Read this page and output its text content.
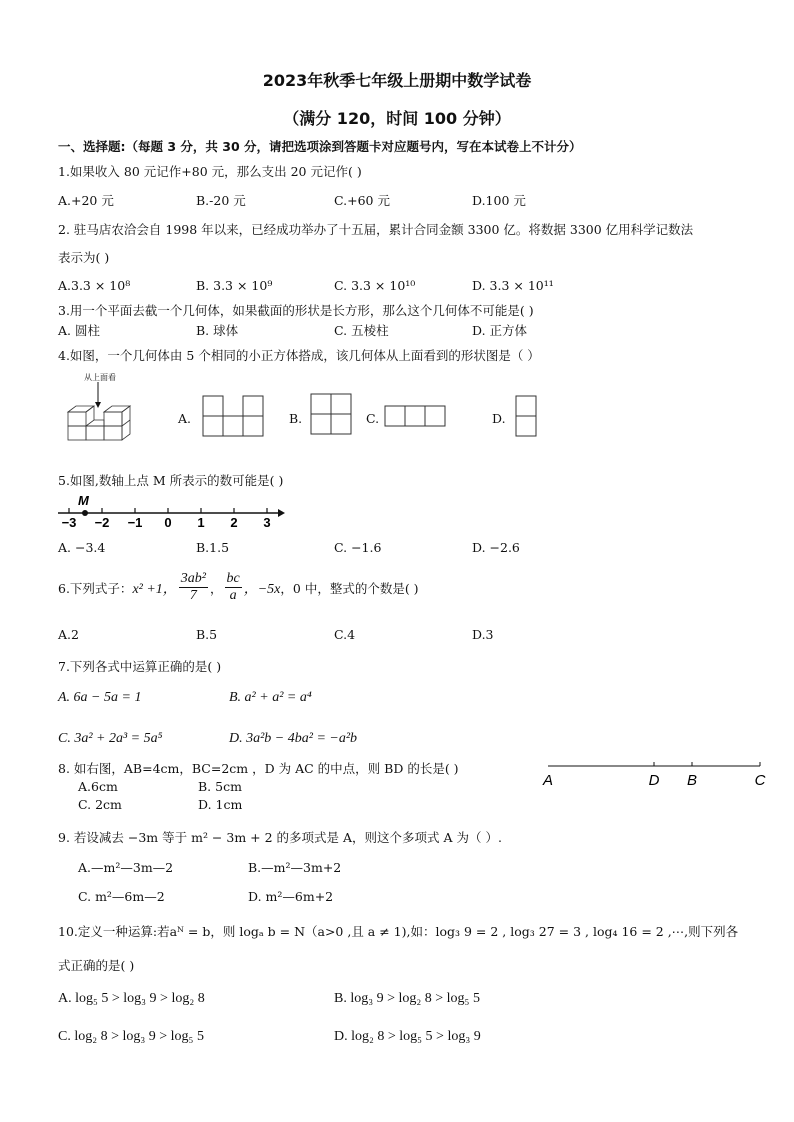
2023年秋季七年级上册期中数学试卷
（满分 120，时间 100 分钟）
一、选择题:（每题 3 分，共 30 分，请把选项涂到答题卡对应题号内，写在本试卷上不计分）
1.如果收入 80 元记作+80 元，那么支出 20 元记作( )
A.+20 元	B.-20 元	C.+60 元	D.100 元
2. 驻马店农洽会自 1998 年以来，已经成功举办了十五届，累计合同金额 3300 亿。将数据 3300 亿用科学记数法
表示为( )
A.3.3 × 10⁸	B. 3.3 × 10⁹	C. 3.3 × 10¹⁰	D. 3.3 × 10¹¹
3.用一个平面去截一个几何体，如果截面的形状是长方形，那么这个几何体不可能是( )
A. 圆柱	B. 球体	C. 五棱柱	D. 正方体
4.如图，一个几何体由 5 个相同的小正方体搭成，该几何体从上面看到的形状图是（ ）
从上面看
A.	B.	C.	D.
5.如图,数轴上点 M 所表示的数可能是( )
M
−3 −2 −1 0 1 2 3
A. −3.4	B.1.5	C. −1.6	D. −2.6
6.下列式子： x² +1， $\frac{\text{3ab²}}{7}$ ， $\frac{bc}{a}$ ，−5x ，0 中，整式的个数是( )
A.2	B.5	C.4	D.3
7.下列各式中运算正确的是( )
A. 6a − 5a = 1	B. a² + a² = a⁴
C. 3a² + 2a³ = 5a⁵	D. 3a²b − 4ba² = −a²b
8. 如右图，AB=4cm，BC=2cm ，D 为 AC 的中点，则 BD 的长是( )
A.6cm	B. 5cm
C. 2cm	D. 1cm
A	D B	C
9. 若设减去 −3m 等于 m² − 3m + 2 的多项式是 A，则这个多项式 A 为（ ）.
A.—m²—3m—2	B.—m²—3m+2
C. m²—6m—2	D. m²—6m+2
10.定义一种运算:若aᴺ = b，则 logₐ b = N（a>0 ,且 a ≠ 1),如：log₃ 9 = 2 , log₃ 27 = 3 , log₄ 16 = 2 ,⋯,则下列各
式正确的是( )
A. log₅ 5 > log₃ 9 > log₂ 8	B. log₃ 9 > log₂ 8 > log₅ 5
C. log₂ 8 > log₃ 9 > log₅ 5	D. log₂ 8 > log₅ 5 > log₃ 9
